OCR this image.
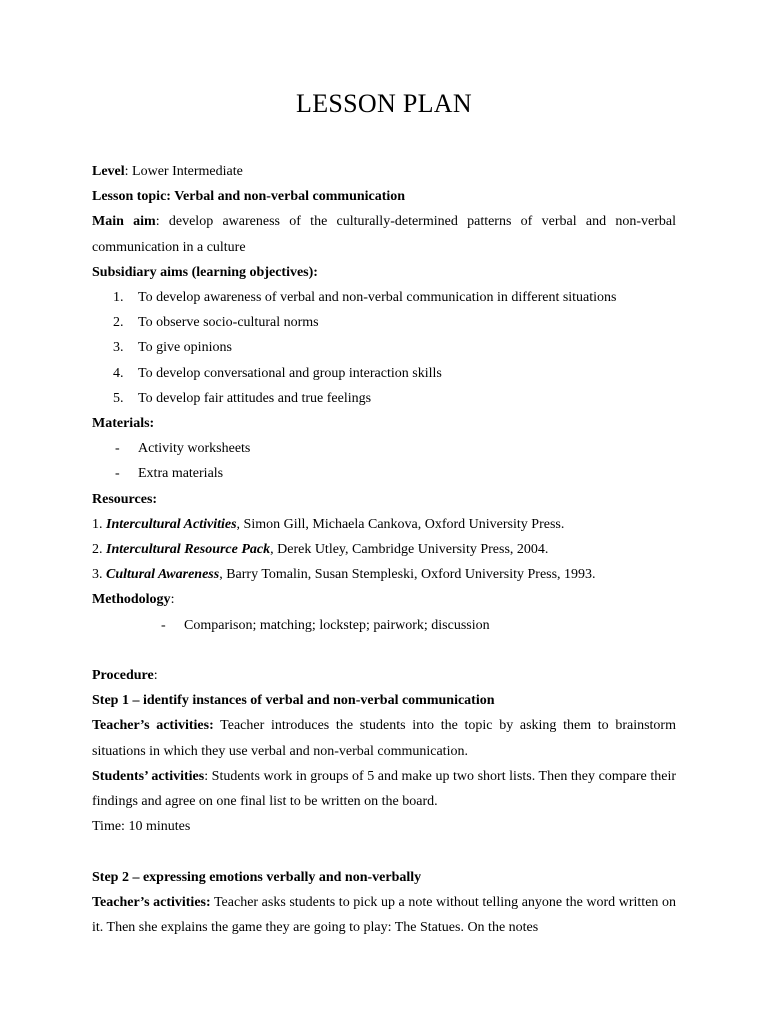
LESSON PLAN

Level: Lower Intermediate

Lesson topic: Verbal and non-verbal communication

Main aim: develop awareness of the culturally-determined patterns of verbal and non-verbal communication in a culture

Subsidiary aims (learning objectives):

1. To develop awareness of verbal and non-verbal communication in different situations
2. To observe socio-cultural norms
3. To give opinions
4. To develop conversational and group interaction skills
5. To develop fair attitudes and true feelings

Materials:

- Activity worksheets
- Extra materials

Resources:

1. Intercultural Activities, Simon Gill, Michaela Cankova, Oxford University Press.

2. Intercultural Resource Pack, Derek Utley, Cambridge University Press, 2004.

3. Cultural Awareness, Barry Tomalin, Susan Stempleski, Oxford University Press, 1993.

Methodology:

- Comparison; matching; lockstep; pairwork; discussion

Procedure:

Step 1 – identify instances of verbal and non-verbal communication

Teacher’s activities: Teacher introduces the students into the topic by asking them to brainstorm situations in which they use verbal and non-verbal communication.

Students’ activities: Students work in groups of 5 and make up two short lists. Then they compare their findings and agree on one final list to be written on the board.

Time: 10 minutes

Step 2 – expressing emotions verbally and non-verbally

Teacher’s activities: Teacher asks students to pick up a note without telling anyone the word written on it. Then she explains the game they are going to play: The Statues. On the notes
